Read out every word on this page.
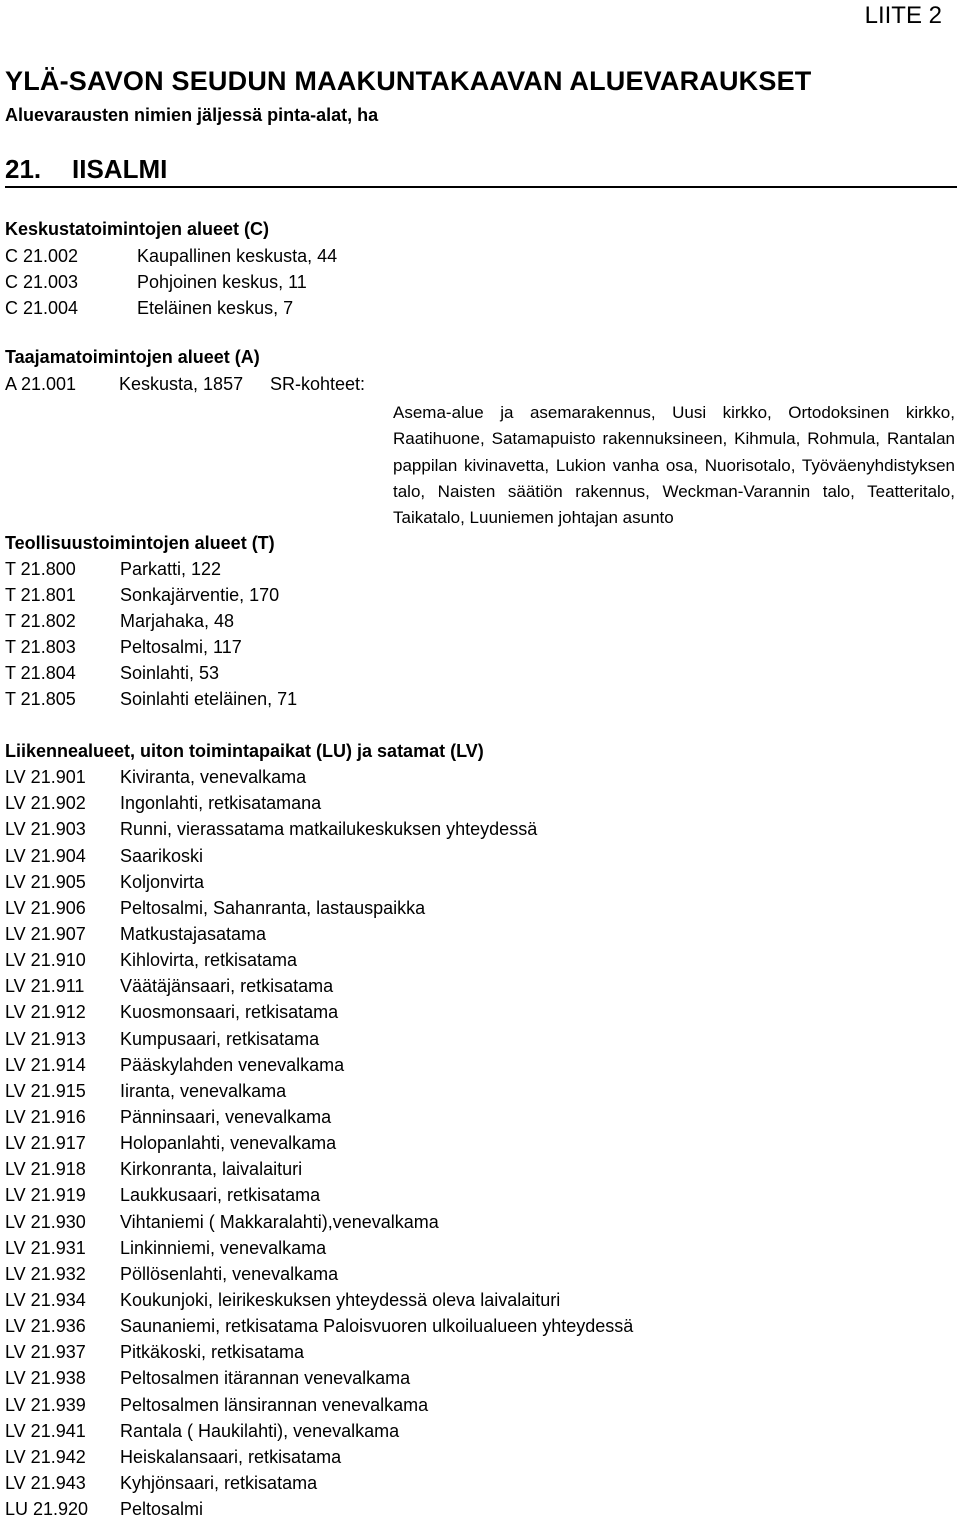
LIITE 2
YLÄ-SAVON SEUDUN MAAKUNTAKAAVAN ALUEVARAUKSET
Aluevarausten nimien jäljessä pinta-alat, ha
21. IISALMI
Keskustatoimintojen alueet (C)
C 21.002	Kaupallinen keskusta, 44
C 21.003	Pohjoinen keskus, 11
C 21.004	Eteläinen keskus, 7
Taajamatoimintojen alueet (A)
A 21.001 Keskusta, 1857 SR-kohteet:
Asema-alue ja asemarakennus, Uusi kirkko, Ortodoksinen kirkko, Raatihuone, Satamapuisto rakennuksineen, Kihmula, Rohmula, Rantalan pappilan kivinavetta, Lukion vanha osa, Nuorisotalo, Työväenyhdistyksen talo, Naisten säätiön rakennus, Weckman-Varannin talo, Teatteritalo, Taikatalo, Luuniemen johtajan asunto
Teollisuustoimintojen alueet (T)
T 21.800 Parkatti, 122
T 21.801 Sonkajärventie, 170
T 21.802 Marjahaka, 48
T 21.803 Peltosalmi, 117
T 21.804 Soinlahti, 53
T 21.805 Soinlahti eteläinen, 71
Liikennealueet, uiton toimintapaikat (LU) ja satamat (LV)
LV 21.901 Kiviranta, venevalkama
LV 21.902 Ingonlahti, retkisatamana
LV 21.903 Runni, vierassatama matkailukeskuksen yhteydessä
LV 21.904 Saarikoski
LV 21.905 Koljonvirta
LV 21.906 Peltosalmi, Sahanranta, lastauspaikka
LV 21.907 Matkustajasatama
LV 21.910 Kihlovirta, retkisatama
LV 21.911 Väätäjänsaari, retkisatama
LV 21.912 Kuosmonsaari, retkisatama
LV 21.913 Kumpusaari, retkisatama
LV 21.914 Pääskylahden venevalkama
LV 21.915 Iiranta, venevalkama
LV 21.916 Pänninsaari, venevalkama
LV 21.917 Holopanlahti, venevalkama
LV 21.918 Kirkonranta, laivalaituri
LV 21.919 Laukkusaari, retkisatama
LV 21.930 Vihtaniemi ( Makkaralahti),venevalkama
LV 21.931 Linkinniemi, venevalkama
LV 21.932 Pöllösenlahti, venevalkama
LV 21.934 Koukunjoki, leirikeskuksen yhteydessä oleva laivalaituri
LV 21.936 Saunaniemi, retkisatama Paloisvuoren ulkoilualueen yhteydessä
LV 21.937 Pitkäkoski, retkisatama
LV 21.938 Peltosalmen itärannan venevalkama
LV 21.939 Peltosalmen länsirannan venevalkama
LV 21.941 Rantala ( Haukilahti), venevalkama
LV 21.942 Heiskalansaari, retkisatama
LV 21.943 Kyhjönsaari, retkisatama
LU 21.920 Peltosalmi
